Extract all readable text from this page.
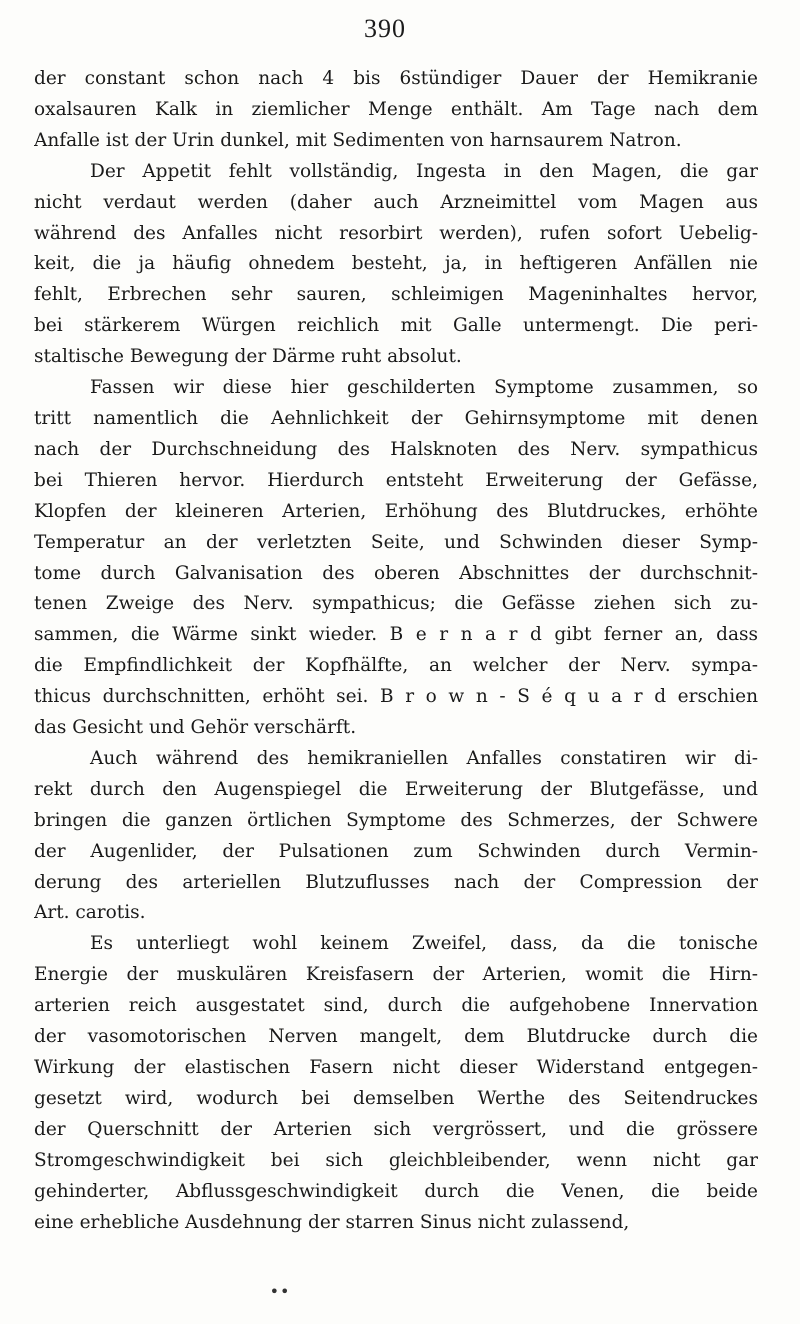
390
der constant schon nach 4 bis 6stündiger Dauer der Hemikranie
oxalsauren Kalk in ziemlicher Menge enthält. Am Tage nach dem
Anfalle ist der Urin dunkel, mit Sedimenten von harnsaurem Natron.
Der Appetit fehlt vollständig, Ingesta in den Magen, die gar
nicht verdaut werden (daher auch Arzneimittel vom Magen aus
während des Anfalles nicht resorbirt werden), rufen sofort Uebelig-
keit, die ja häufig ohnedem besteht, ja, in heftigeren Anfällen nie
fehlt, Erbrechen sehr sauren, schleimigen Mageninhaltes hervor,
bei stärkerem Würgen reichlich mit Galle untermengt. Die peri-
staltische Bewegung der Därme ruht absolut.
Fassen wir diese hier geschilderten Symptome zusammen, so
tritt namentlich die Aehnlichkeit der Gehirnsymptome mit denen
nach der Durchschneidung des Halsknoten des Nerv. sympathicus
bei Thieren hervor. Hierdurch entsteht Erweiterung der Gefässe,
Klopfen der kleineren Arterien, Erhöhung des Blutdruckes, erhöhte
Temperatur an der verletzten Seite, und Schwinden dieser Symp-
tome durch Galvanisation des oberen Abschnittes der durchschnit-
tenen Zweige des Nerv. sympathicus; die Gefässe ziehen sich zu-
sammen, die Wärme sinkt wieder. B e r n a r d gibt ferner an, dass
die Empfindlichkeit der Kopfhälfte, an welcher der Nerv. sympa-
thicus durchschnitten, erhöht sei. B r o w n - S é q u a r d erschien
das Gesicht und Gehör verschärft.
Auch während des hemikraniellen Anfalles constatiren wir di-
rekt durch den Augenspiegel die Erweiterung der Blutgefässe, und
bringen die ganzen örtlichen Symptome des Schmerzes, der Schwere
der Augenlider, der Pulsationen zum Schwinden durch Vermin-
derung des arteriellen Blutzuflusses nach der Compression der
Art. carotis.
Es unterliegt wohl keinem Zweifel, dass, da die tonische
Energie der muskulären Kreisfasern der Arterien, womit die Hirn-
arterien reich ausgestatet sind, durch die aufgehobene Innervation
der vasomotorischen Nerven mangelt, dem Blutdrucke durch die
Wirkung der elastischen Fasern nicht dieser Widerstand entgegen-
gesetzt wird, wodurch bei demselben Werthe des Seitendruckes
der Querschnitt der Arterien sich vergrössert, und die grössere
Stromgeschwindigkeit bei sich gleichbleibender, wenn nicht gar
gehinderter, Abflussgeschwindigkeit durch die Venen, die beide
eine erhebliche Ausdehnung der starren Sinus nicht zulassend,
••
